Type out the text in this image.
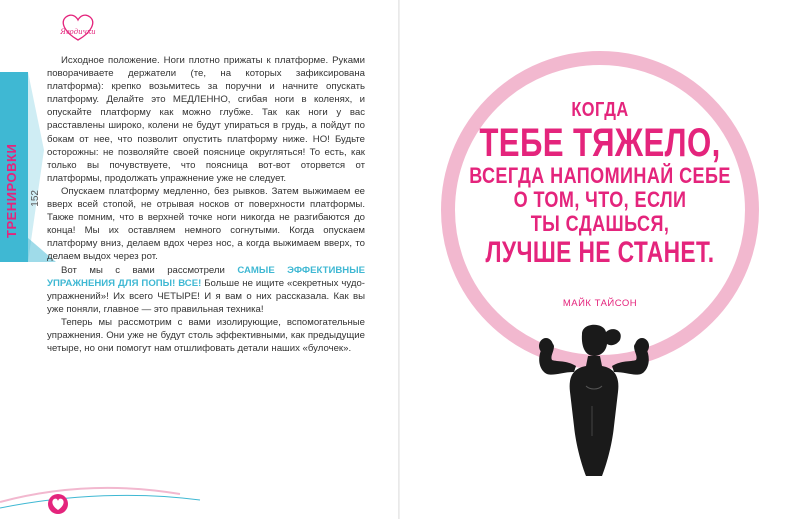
Ягодички
ТРЕНИРОВКИ	152

Исходное положение. Ноги плотно прижаты к платформе. Руками поворачиваете держатели (те, на которых зафиксирована платформа): крепко возьмитесь за поручни и начните опускать платформу. Делайте это МЕДЛЕННО, сгибая ноги в коленях, и опускайте платформу как можно глубже. Так как ноги у вас расставлены широко, колени не будут упираться в грудь, а пойдут по бокам от нее, что позволит опустить платформу ниже. НО! Будьте осторожны: не позволяйте своей пояснице округляться! То есть, как только вы почувствуете, что поясница вот-вот оторвется от платформы, продолжать упражнение уже не следует.

Опускаем платформу медленно, без рывков. Затем выжимаем ее вверх всей стопой, не отрывая носков от поверхности платформы. Также помним, что в верхней точке ноги никогда не разгибаются до конца! Мы их оставляем немного согнутыми. Когда опускаем платформу вниз, делаем вдох через нос, а когда выжимаем вверх, то делаем выдох через рот.

Вот мы с вами рассмотрели САМЫЕ ЭФФЕКТИВНЫЕ УПРАЖНЕНИЯ ДЛЯ ПОПЫ! ВСЕ! Больше не ищите «секретных чудо-упражнений»! Их всего ЧЕТЫРЕ! И я вам о них рассказала. Как вы уже поняли, главное — это правильная техника!

Теперь мы рассмотрим с вами изолирующие, вспомогательные упражнения. Они уже не будут столь эффективными, как предыдущие четыре, но они помогут нам отшлифовать детали наших «булочек».

КОГДА
ТЕБЕ ТЯЖЕЛО,
ВСЕГДА НАПОМИНАЙ СЕБЕ
О ТОМ, ЧТО, ЕСЛИ
ТЫ СДАШЬСЯ,
ЛУЧШЕ НЕ СТАНЕТ.
МАЙК ТАЙСОН
